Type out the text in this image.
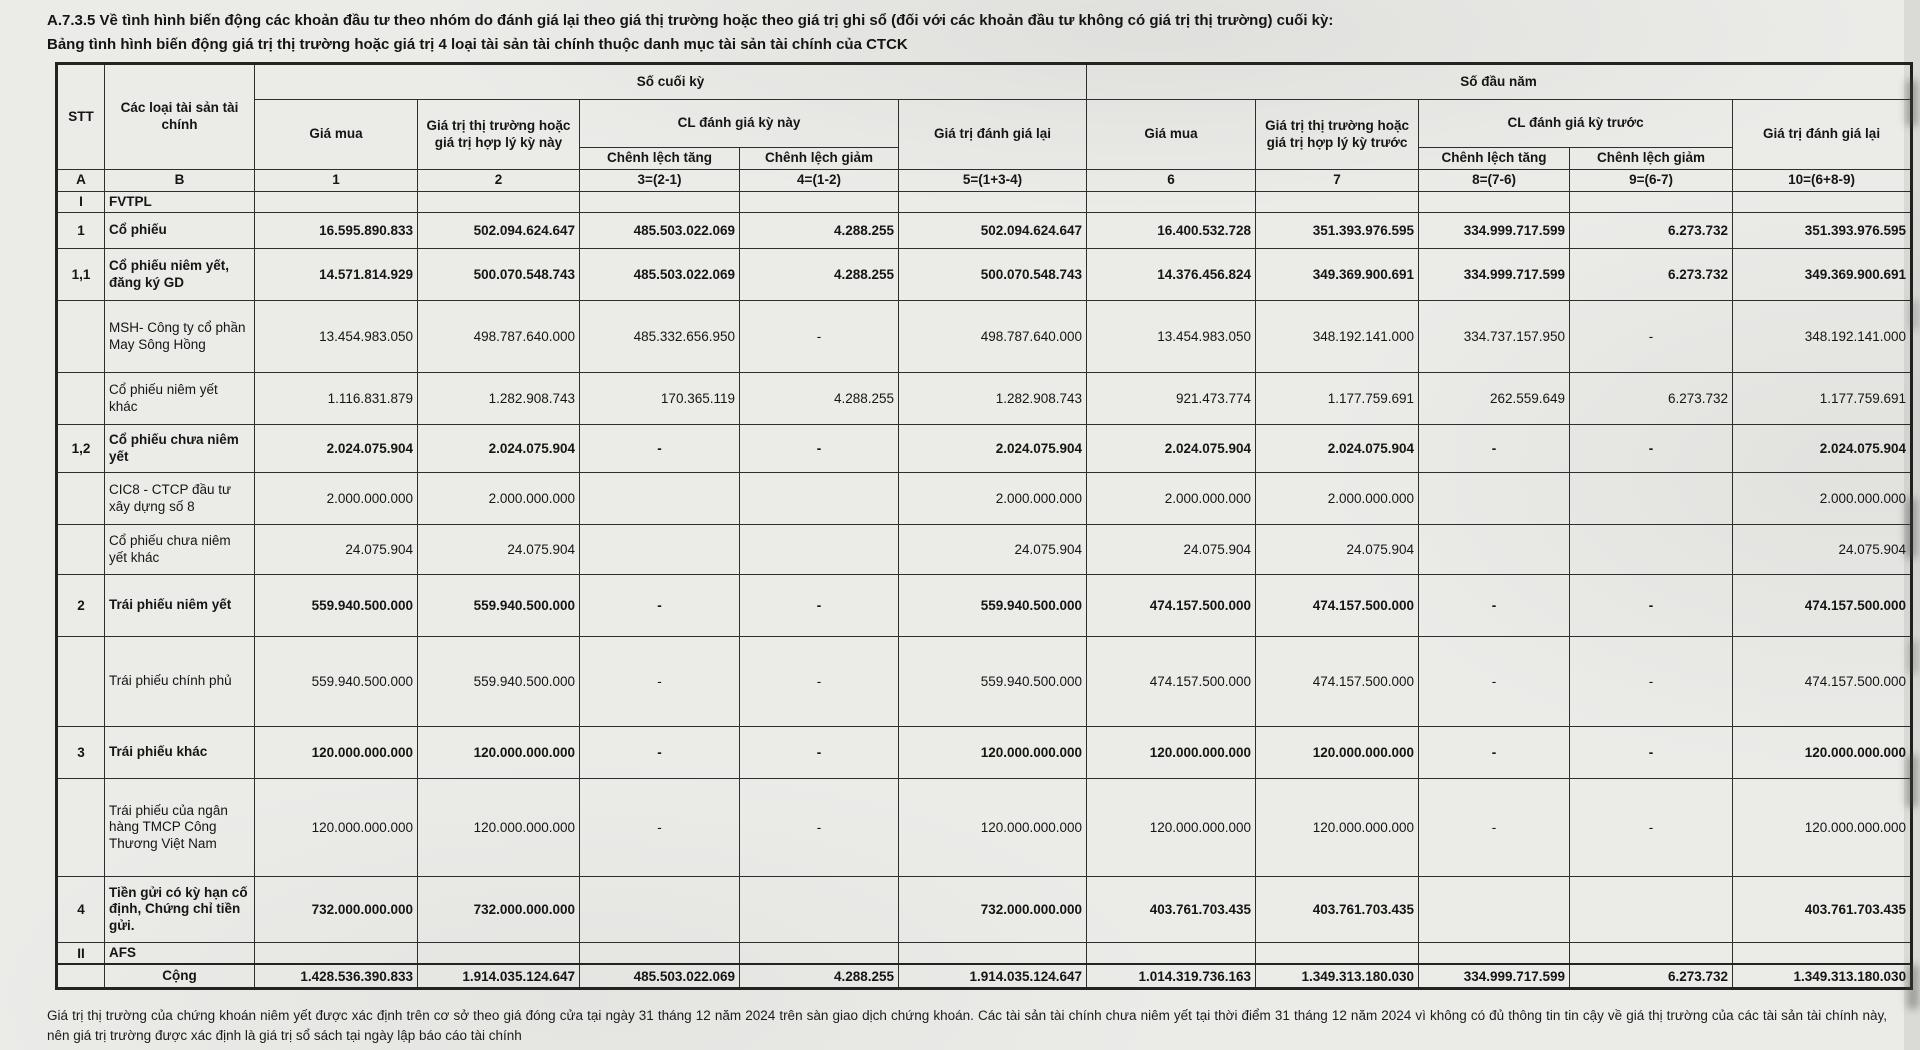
A.7.3.5 Về tình hình biến động các khoản đầu tư theo nhóm do đánh giá lại theo giá thị trường hoặc theo giá trị ghi sổ (đối với các khoản đầu tư không có giá trị thị trường) cuối kỳ:
Bảng tình hình biến động giá trị thị trường hoặc giá trị 4 loại tài sản tài chính thuộc danh mục tài sản tài chính của CTCK
STT	Các loại tài sản tài chính	Số cuối kỳ					Số đầu năm				
		Giá mua	Giá trị thị trường hoặc giá trị hợp lý kỳ này	CL đánh giá kỳ này		Giá trị đánh giá lại	Giá mua	Giá trị thị trường hoặc giá trị hợp lý kỳ trước	CL đánh giá kỳ trước		Giá trị đánh giá lại
				Chênh lệch tăng	Chênh lệch giảm				Chênh lệch tăng	Chênh lệch giảm	
A	B	1	2	3=(2-1)	4=(1-2)	5=(1+3-4)	6	7	8=(7-6)	9=(6-7)	10=(6+8-9)
I	FVTPL										
1	Cổ phiếu	16.595.890.833	502.094.624.647	485.503.022.069	4.288.255	502.094.624.647	16.400.532.728	351.393.976.595	334.999.717.599	6.273.732	351.393.976.595
1,1	Cổ phiếu niêm yết, đăng ký GD	14.571.814.929	500.070.548.743	485.503.022.069	4.288.255	500.070.548.743	14.376.456.824	349.369.900.691	334.999.717.599	6.273.732	349.369.900.691
	MSH- Công ty cổ phần May Sông Hồng	13.454.983.050	498.787.640.000	485.332.656.950	-	498.787.640.000	13.454.983.050	348.192.141.000	334.737.157.950	-	348.192.141.000
	Cổ phiếu niêm yết khác	1.116.831.879	1.282.908.743	170.365.119	4.288.255	1.282.908.743	921.473.774	1.177.759.691	262.559.649	6.273.732	1.177.759.691
1,2	Cổ phiếu chưa niêm yết	2.024.075.904	2.024.075.904	-	-	2.024.075.904	2.024.075.904	2.024.075.904	-	-	2.024.075.904
	CIC8 - CTCP đầu tư xây dựng số 8	2.000.000.000	2.000.000.000			2.000.000.000	2.000.000.000	2.000.000.000			2.000.000.000
	Cổ phiếu chưa niêm yết khác	24.075.904	24.075.904			24.075.904	24.075.904	24.075.904			24.075.904
2	Trái phiếu niêm yết	559.940.500.000	559.940.500.000	-	-	559.940.500.000	474.157.500.000	474.157.500.000	-	-	474.157.500.000
	Trái phiếu chính phủ	559.940.500.000	559.940.500.000	-	-	559.940.500.000	474.157.500.000	474.157.500.000	-	-	474.157.500.000
3	Trái phiếu khác	120.000.000.000	120.000.000.000	-	-	120.000.000.000	120.000.000.000	120.000.000.000	-	-	120.000.000.000
	Trái phiếu của ngân hàng TMCP Công Thương Việt Nam	120.000.000.000	120.000.000.000	-	-	120.000.000.000	120.000.000.000	120.000.000.000	-	-	120.000.000.000
4	Tiền gửi có kỳ hạn cố định, Chứng chỉ tiền gửi.	732.000.000.000	732.000.000.000			732.000.000.000	403.761.703.435	403.761.703.435			403.761.703.435
II	AFS										
	Cộng	1.428.536.390.833	1.914.035.124.647	485.503.022.069	4.288.255	1.914.035.124.647	1.014.319.736.163	1.349.313.180.030	334.999.717.599	6.273.732	1.349.313.180.030

Giá trị thị trường của chứng khoán niêm yết được xác định trên cơ sở theo giá đóng cửa tại ngày 31 tháng 12 năm 2024 trên sàn giao dịch chứng khoán. Các tài sản tài chính chưa niêm yết tại thời điểm 31 tháng 12 năm 2024 vì không có đủ thông tin tin cậy về giá thị trường của các tài sản tài chính này, nên giá trị trường được xác định là giá trị sổ sách tại ngày lập báo cáo tài chính
